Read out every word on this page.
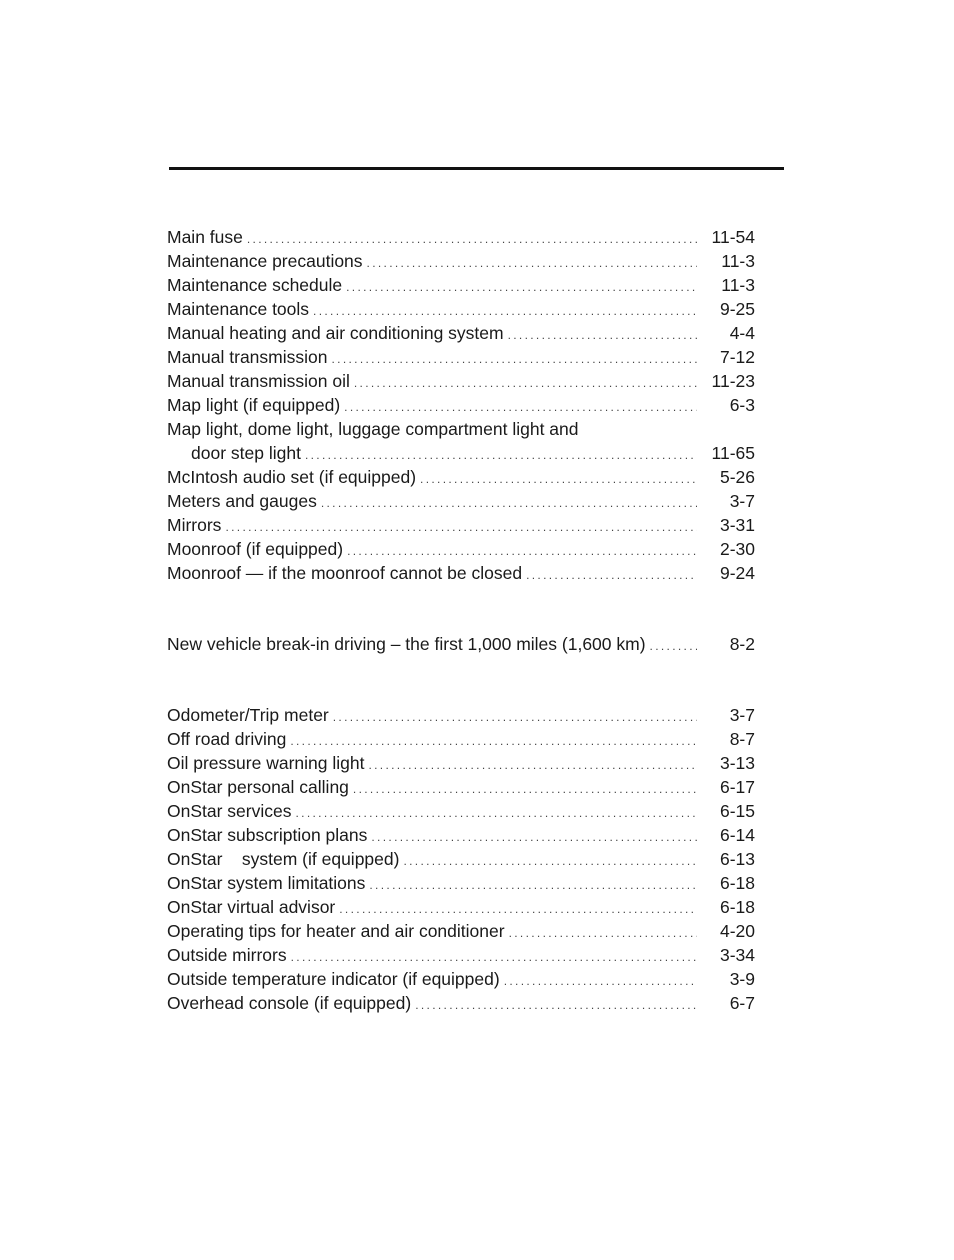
Main fuse . . .	11-54
Maintenance precautions . . .	11-3
Maintenance schedule . . .	11-3
Maintenance tools . . .	9-25
Manual heating and air conditioning system . . .	4-4
Manual transmission . . .	7-12
Manual transmission oil . . .	11-23
Map light (if equipped) . . .	6-3
Map light, dome light, luggage compartment light and
door step light . . .	11-65
McIntosh audio set (if equipped) . . .	5-26
Meters and gauges . . .	3-7
Mirrors . . .	3-31
Moonroof (if equipped) . . .	2-30
Moonroof — if the moonroof cannot be closed . . .	9-24
New vehicle break-in driving – the first 1,000 miles (1,600 km) . . .	8-2
Odometer/Trip meter . . .	3-7
Off road driving . . .	8-7
Oil pressure warning light . . .	3-13
OnStar personal calling . . .	6-17
OnStar services . . .	6-15
OnStar subscription plans . . .	6-14
OnStar    system (if equipped) . . .	6-13
OnStar system limitations . . .	6-18
OnStar virtual advisor . . .	6-18
Operating tips for heater and air conditioner . . .	4-20
Outside mirrors . . .	3-34
Outside temperature indicator (if equipped) . . .	3-9
Overhead console (if equipped) . . .	6-7
